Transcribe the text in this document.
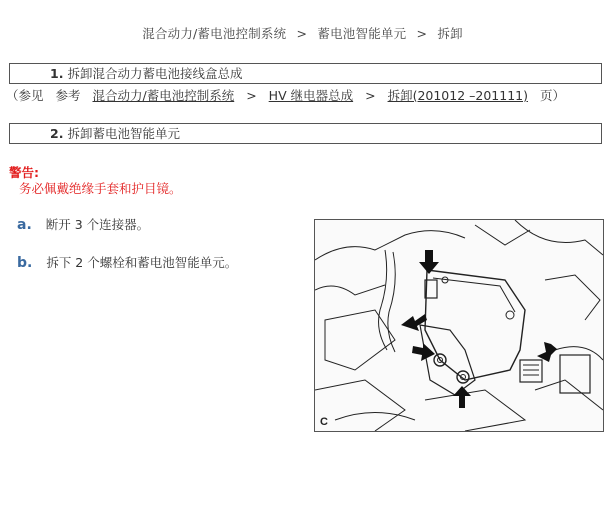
混合动力/蓄电池控制系统 > 蓄电池智能单元 > 拆卸
1. 拆卸混合动力蓄电池接线盒总成
（参见 参考 混合动力/蓄电池控制系统 > HV 继电器总成 > 拆卸(201012 –201111) 页）
2. 拆卸蓄电池智能单元
警告:
务必佩戴绝缘手套和护目镜。
a. 断开 3 个连接器。
b. 拆下 2 个螺栓和蓄电池智能单元。
C
